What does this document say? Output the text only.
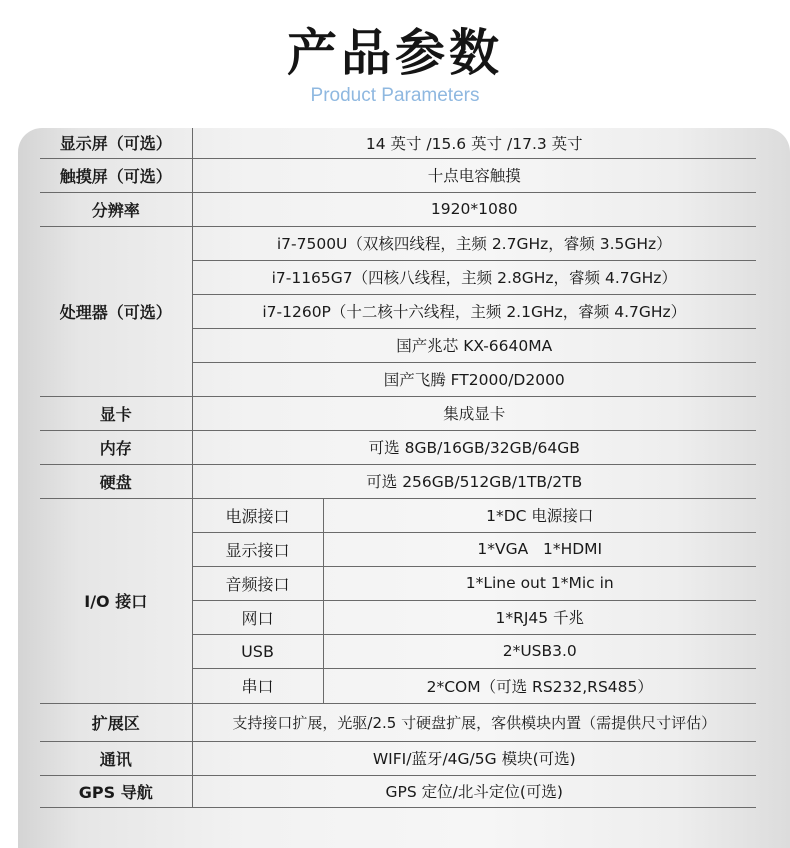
产品参数
Product Parameters
显示屏（可选）	14 英寸 /15.6 英寸 /17.3 英寸	
触摸屏（可选）	十点电容触摸	
分辨率	1920*1080	
处理器（可选）	i7-7500U（双核四线程，主频 2.7GHz，睿频 3.5GHz）	
	i7-1165G7（四核八线程，主频 2.8GHz，睿频 4.7GHz）	
	i7-1260P（十二核十六线程，主频 2.1GHz，睿频 4.7GHz）	
	国产兆芯 KX-6640MA	
	国产飞腾 FT2000/D2000	
显卡	集成显卡	
内存	可选 8GB/16GB/32GB/64GB	
硬盘	可选 256GB/512GB/1TB/2TB	
I/O 接口	电源接口	1*DC 电源接口
	显示接口	1*VGA   1*HDMI
	音频接口	1*Line out 1*Mic in
	网口	1*RJ45 千兆
	USB	2*USB3.0
	串口	2*COM（可选 RS232,RS485）
扩展区	支持接口扩展，光驱/2.5 寸硬盘扩展，客供模块内置（需提供尺寸评估）	
通讯	WIFI/蓝牙/4G/5G 模块(可选)	
GPS 导航	GPS 定位/北斗定位(可选)	
